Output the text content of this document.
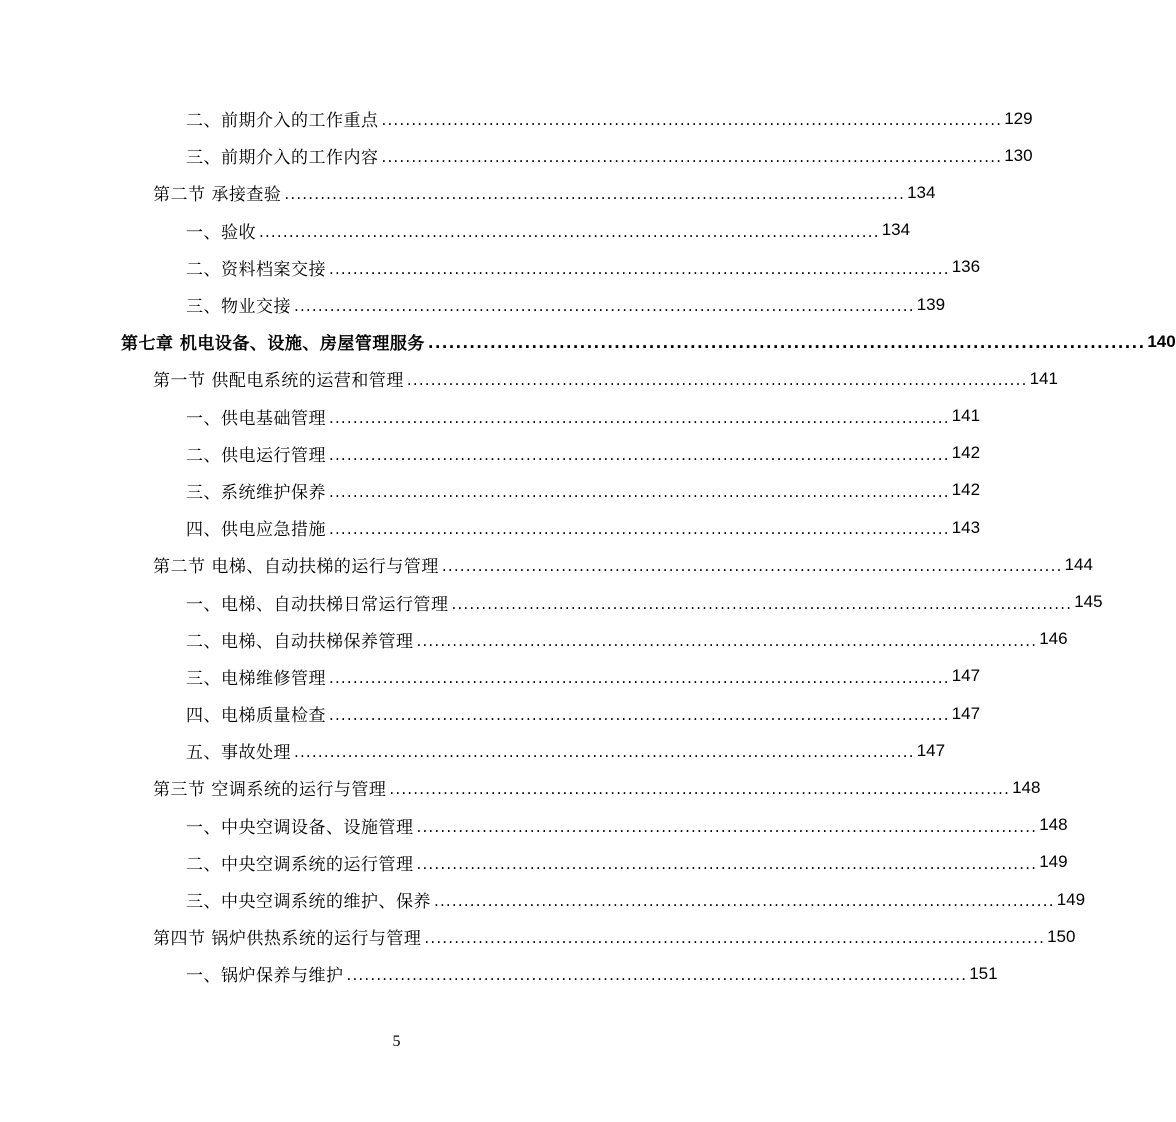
二、前期介入的工作重点 ........................................................................................................ 129
三、前期介入的工作内容 ........................................................................................................ 130
第二节 承接查验 ........................................................................................................ 134
一、验收 ........................................................................................................ 134
二、资料档案交接 ........................................................................................................ 136
三、物业交接 ........................................................................................................ 139
第七章 机电设备、设施、房屋管理服务 ........................................................................................................ 140
第一节 供配电系统的运营和管理 ........................................................................................................ 141
一、供电基础管理 ........................................................................................................ 141
二、供电运行管理 ........................................................................................................ 142
三、系统维护保养 ........................................................................................................ 142
四、供电应急措施 ........................................................................................................ 143
第二节 电梯、自动扶梯的运行与管理 ........................................................................................................ 144
一、电梯、自动扶梯日常运行管理 ........................................................................................................ 145
二、电梯、自动扶梯保养管理 ........................................................................................................ 146
三、电梯维修管理 ........................................................................................................ 147
四、电梯质量检查 ........................................................................................................ 147
五、事故处理 ........................................................................................................ 147
第三节 空调系统的运行与管理 ........................................................................................................ 148
一、中央空调设备、设施管理 ........................................................................................................ 148
二、中央空调系统的运行管理 ........................................................................................................ 149
三、中央空调系统的维护、保养 ........................................................................................................ 149
第四节 锅炉供热系统的运行与管理 ........................................................................................................ 150
一、锅炉保养与维护 ........................................................................................................ 151
5
